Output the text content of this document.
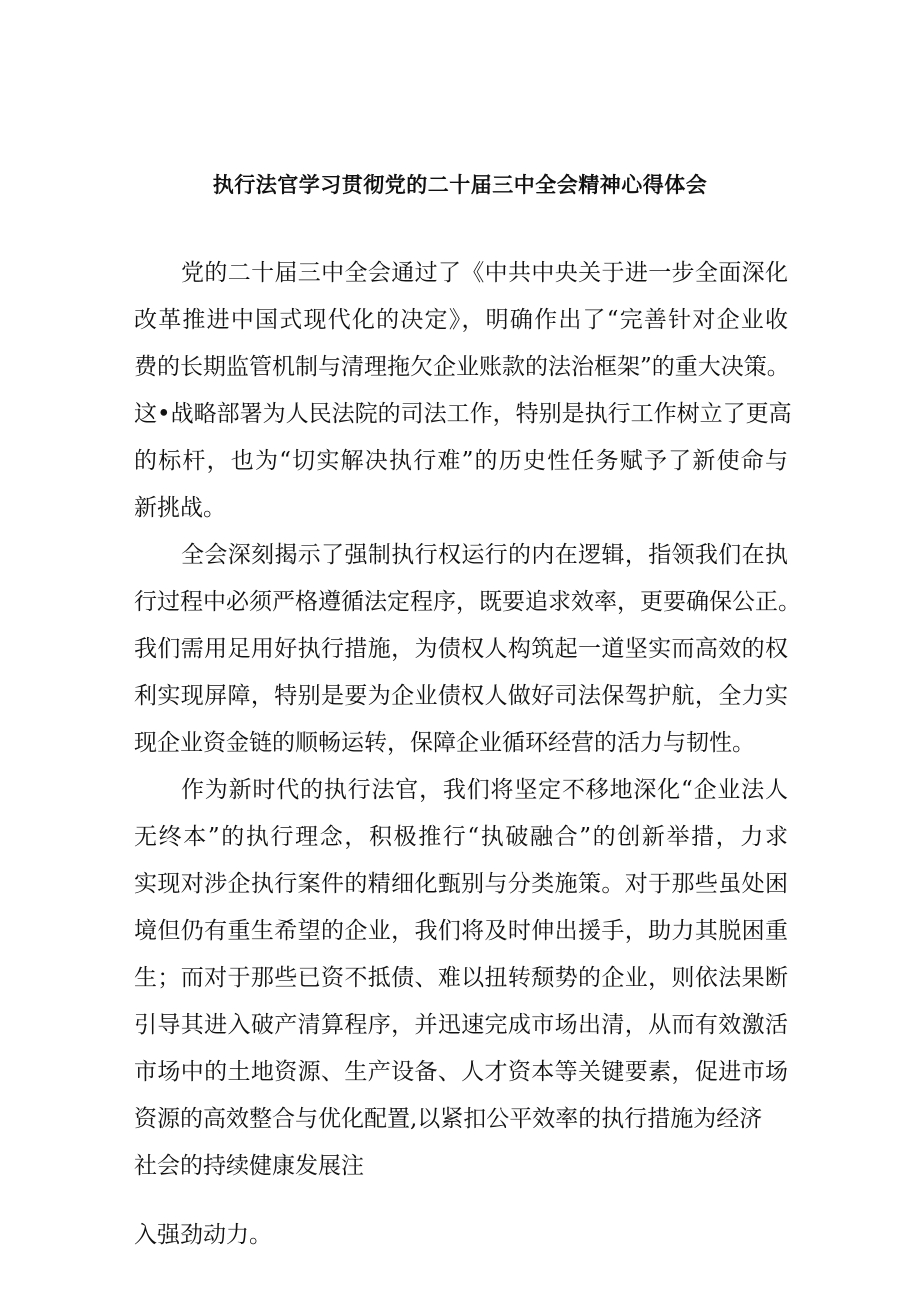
执行法官学习贯彻党的二十届三中全会精神心得体会
党的二十届三中全会通过了《中共中央关于进一步全面深化
改革推进中国式现代化的决定》，明确作出了“完善针对企业收
费的长期监管机制与清理拖欠企业账款的法治框架”的重大决策。
这•战略部署为人民法院的司法工作，特别是执行工作树立了更高
的标杆，也为“切实解决执行难”的历史性任务赋予了新使命与
新挑战。
全会深刻揭示了强制执行权运行的内在逻辑，指领我们在执
行过程中必须严格遵循法定程序，既要追求效率，更要确保公正。
我们需用足用好执行措施，为债权人构筑起一道坚实而高效的权
利实现屏障，特别是要为企业债权人做好司法保驾护航，全力实
现企业资金链的顺畅运转，保障企业循环经营的活力与韧性。
作为新时代的执行法官，我们将坚定不移地深化“企业法人
无终本”的执行理念，积极推行“执破融合”的创新举措，力求
实现对涉企执行案件的精细化甄别与分类施策。对于那些虽处困
境但仍有重生希望的企业，我们将及时伸出援手，助力其脱困重
生；而对于那些已资不抵债、难以扭转颓势的企业，则依法果断
引导其进入破产清算程序，并迅速完成市场出清，从而有效激活
市场中的土地资源、生产设备、人才资本等关键要素，促进市场
资源的高效整合与优化配置,以紧扣公平效率的执行措施为经济
社会的持续健康发展注
入强劲动力。
